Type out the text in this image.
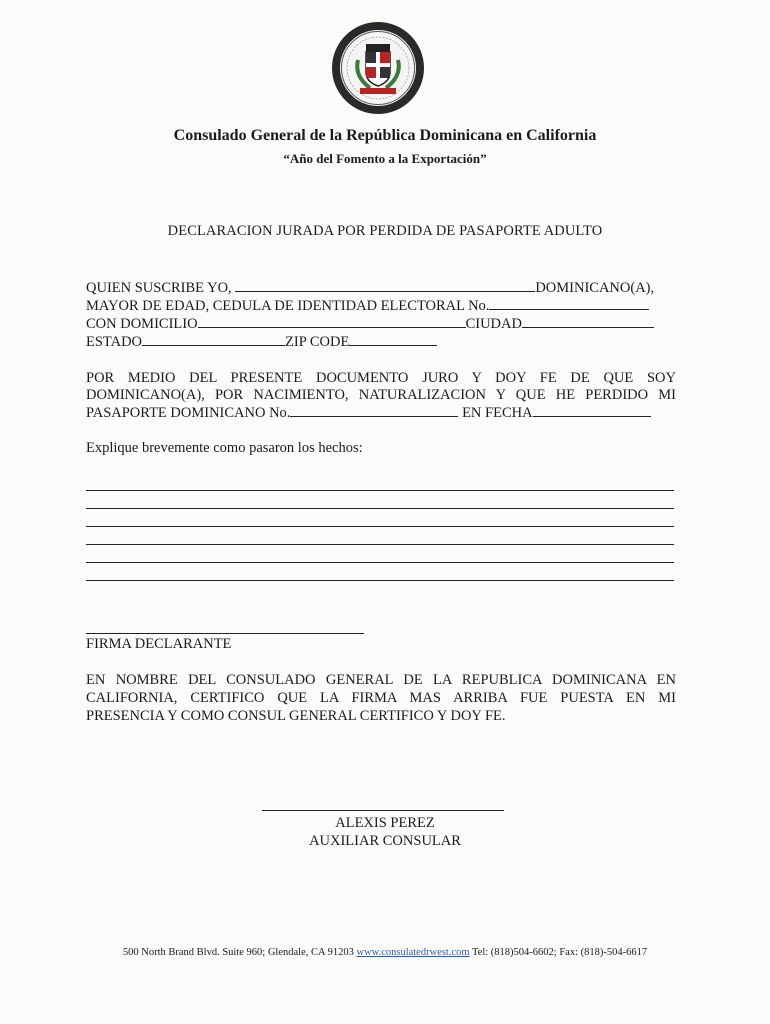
Consulado General de la República Dominicana en California
“Año del Fomento a la Exportación”
DECLARACION JURADA POR PERDIDA DE PASAPORTE ADULTO
QUIEN SUSCRIBE YO,	DOMINICANO(A),
MAYOR DE EDAD, CEDULA DE IDENTIDAD ELECTORAL No.
CON DOMICILIO	CIUDAD
ESTADO	ZIP CODE
POR MEDIO DEL PRESENTE DOCUMENTO JURO Y DOY FE DE QUE SOY
DOMINICANO(A), POR NACIMIENTO, NATURALIZACION Y QUE HE PERDIDO MI
PASAPORTE DOMINICANO No.	EN FECHA
Explique brevemente como pasaron los hechos:
FIRMA DECLARANTE
EN NOMBRE DEL CONSULADO GENERAL DE LA REPUBLICA DOMINICANA EN
CALIFORNIA, CERTIFICO QUE LA FIRMA MAS ARRIBA FUE PUESTA EN MI
PRESENCIA Y COMO CONSUL GENERAL CERTIFICO Y DOY FE.
ALEXIS PEREZ
AUXILIAR CONSULAR
500 North Brand Blvd. Suite 960; Glendale, CA 91203 www.consulatedrwest.com Tel: (818)504-6602; Fax: (818)-504-6617
